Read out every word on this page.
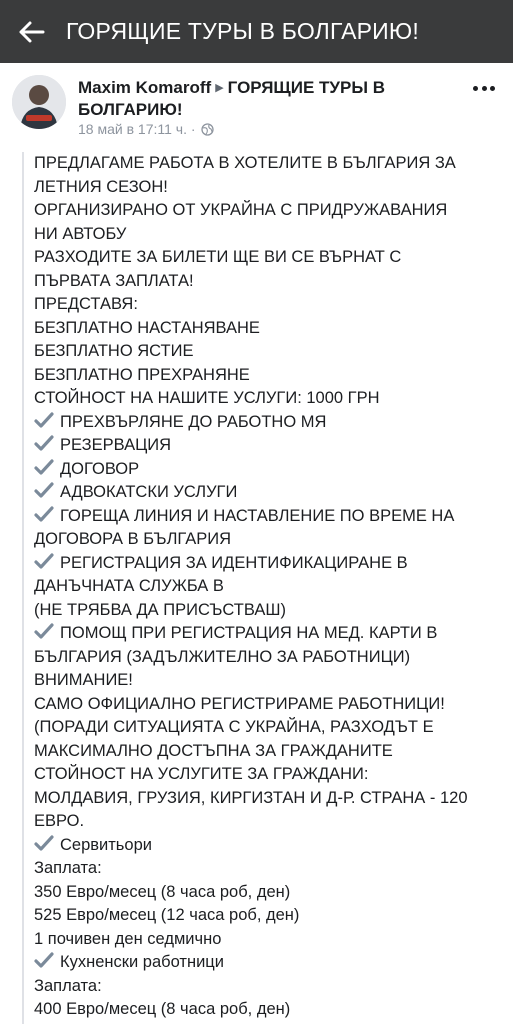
ГОРЯЩИЕ ТУРЫ В БОЛГАРИЮ!
Maxim Komaroff ▶ ГОРЯЩИЕ ТУРЫ В
БОЛГАРИЮ!
18 май в 17:11 ч. ·
ПРЕДЛАГАМЕ РАБОТА В ХОТЕЛИТЕ В БЪЛГАРИЯ ЗА
ЛЕТНИЯ СЕЗОН!
ОРГАНИЗИРАНО ОТ УКРАЙНА С ПРИДРУЖАВАНИЯ
НИ АВТОБУ
РАЗХОДИТЕ ЗА БИЛЕТИ ЩЕ ВИ СЕ ВЪРНАТ С
ПЪРВАТА ЗАПЛАТА!
ПРЕДСТАВЯ:
БЕЗПЛАТНО НАСТАНЯВАНЕ
БЕЗПЛАТНО ЯСТИЕ
БЕЗПЛАТНО ПРЕХРАНЯНЕ
СТОЙНОСТ НА НАШИТЕ УСЛУГИ: 1000 ГРН
ПРЕХВЪРЛЯНЕ ДО РАБОТНО МЯ
РЕЗЕРВАЦИЯ
ДОГОВОР
АДВОКАТСКИ УСЛУГИ
ГОРЕЩА ЛИНИЯ И НАСТАВЛЕНИЕ ПО ВРЕМЕ НА
ДОГОВОРА В БЪЛГАРИЯ
РЕГИСТРАЦИЯ ЗА ИДЕНТИФИКАЦИРАНЕ В
ДАНЪЧНАТА СЛУЖБА В
(НЕ ТРЯБВА ДА ПРИСЪСТВАШ)
ПОМОЩ ПРИ РЕГИСТРАЦИЯ НА МЕД. КАРТИ В
БЪЛГАРИЯ (ЗАДЪЛЖИТЕЛНО ЗА РАБОТНИЦИ)
ВНИМАНИЕ!
САМО ОФИЦИАЛНО РЕГИСТРИРАМЕ РАБОТНИЦИ!
(ПОРАДИ СИТУАЦИЯТА С УКРАЙНА, РАЗХОДЪТ Е
МАКСИМАЛНО ДОСТЪПНА ЗА ГРАЖДАНИТЕ
СТОЙНОСТ НА УСЛУГИТЕ ЗА ГРАЖДАНИ:
МОЛДАВИЯ, ГРУЗИЯ, КИРГИЗТАН И Д-Р. СТРАНА - 120
ЕВРО.
Сервитьори
Заплата:
350 Евро/месец (8 часа роб, ден)
525 Евро/месец (12 часа роб, ден)
1 почивен ден седмично
Кухненски работници
Заплата:
400 Евро/месец (8 часа роб, ден)
